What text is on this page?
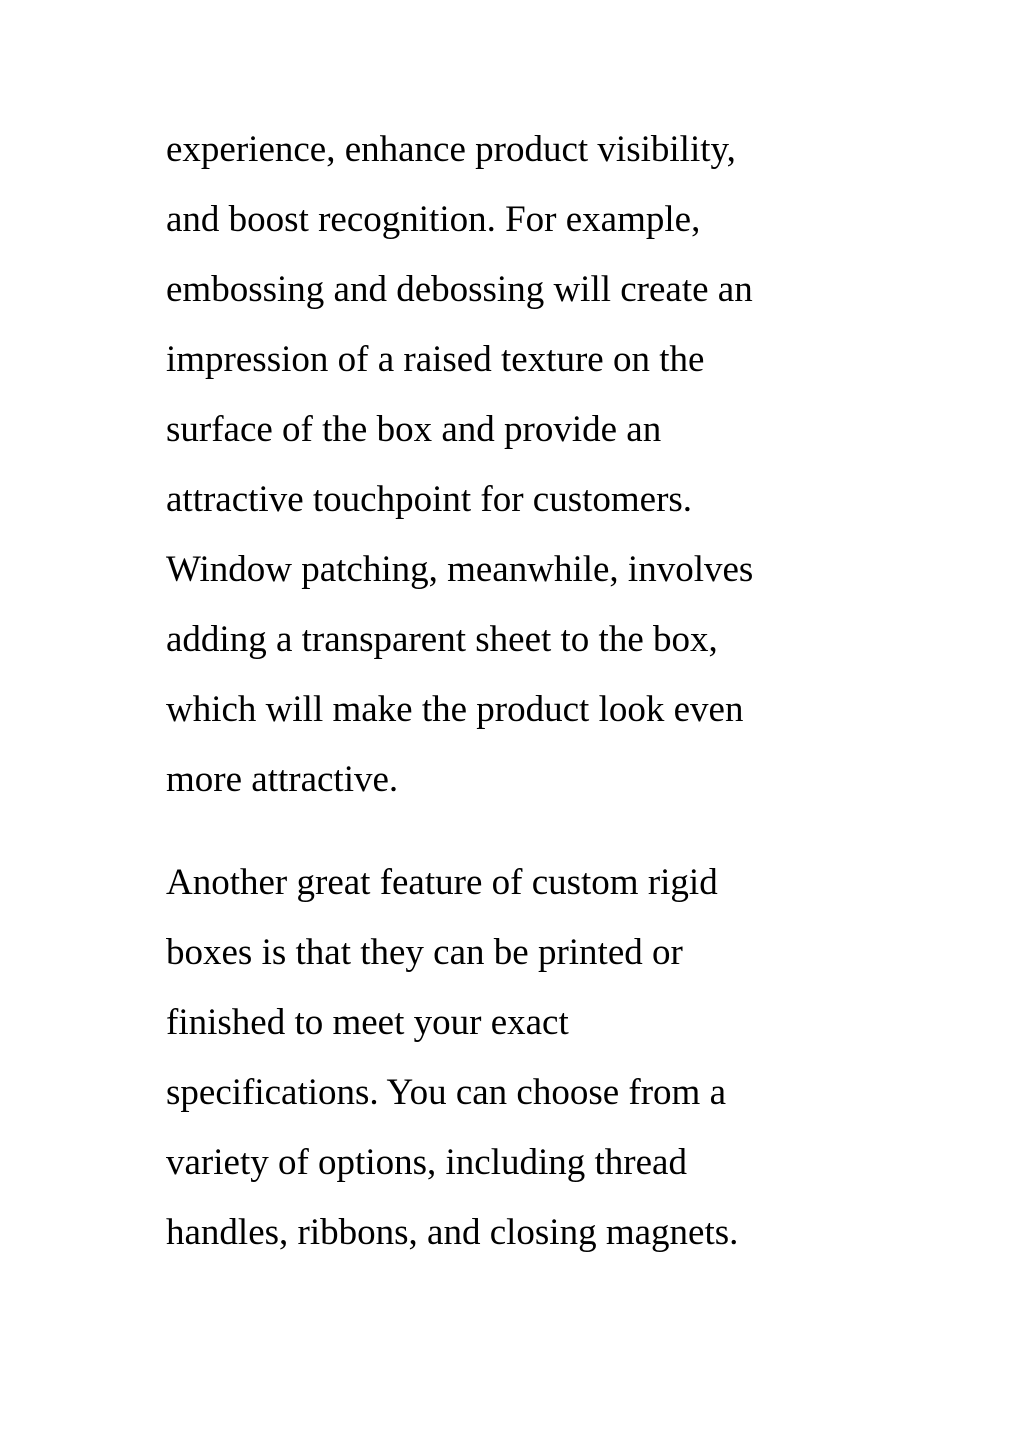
experience, enhance product visibility,
and boost recognition. For example,
embossing and debossing will create an
impression of a raised texture on the
surface of the box and provide an
attractive touchpoint for customers.
Window patching, meanwhile, involves
adding a transparent sheet to the box,
which will make the product look even
more attractive.
Another great feature of custom rigid
boxes is that they can be printed or
finished to meet your exact
specifications. You can choose from a
variety of options, including thread
handles, ribbons, and closing magnets.
